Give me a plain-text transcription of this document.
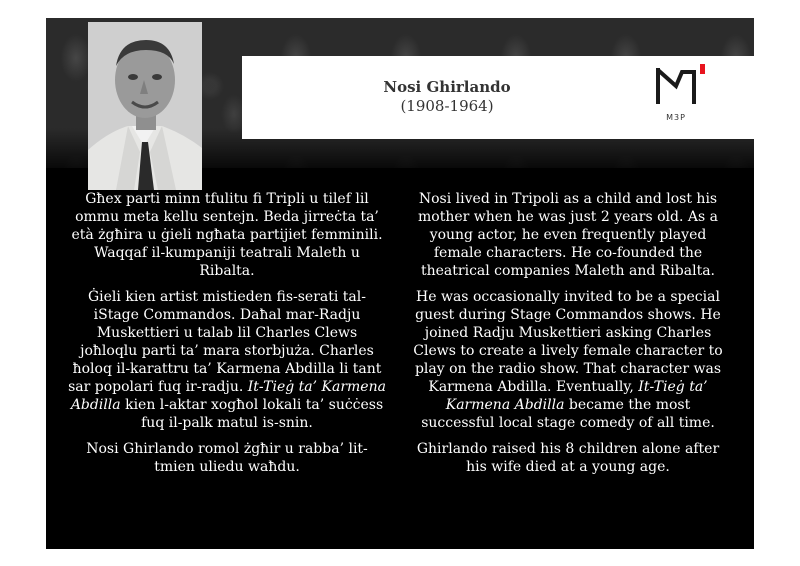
Nosi Ghirlando
(1908-1964)
M3P

Għex parti minn tfulitu fi Tripli u tilef lil ommu meta kellu sentejn. Beda jirreċta ta’ età żgħira u ġieli ngħata partijiet femminili. Waqqaf il-kumpaniji teatrali Maleth u Ribalta.

Ġieli kien artist mistieden fis-serati tal-iStage Commandos. Daħal mar-Radju Muskettieri u talab lil Charles Clews joħloqlu parti ta’ mara storbjuża. Charles ħoloq il-karattru ta’ Karmena Abdilla li tant sar popolari fuq ir-radju. It-Tieġ ta’ Karmena Abdilla kien l-aktar xogħol lokali ta’ suċċess fuq il-palk matul is-snin.

Nosi Ghirlando romol żgħir u rabba’ lit-tmien uliedu waħdu.

Nosi lived in Tripoli as a child and lost his mother when he was just 2 years old. As a young actor, he even frequently played female characters. He co-founded the theatrical companies Maleth and Ribalta.

He was occasionally invited to be a special guest during Stage Commandos shows. He joined Radju Muskettieri asking Charles Clews to create a lively female character to play on the radio show. That character was Karmena Abdilla. Eventually, It-Tieġ ta’ Karmena Abdilla became the most successful local stage comedy of all time.

Ghirlando raised his 8 children alone after his wife died at a young age.
